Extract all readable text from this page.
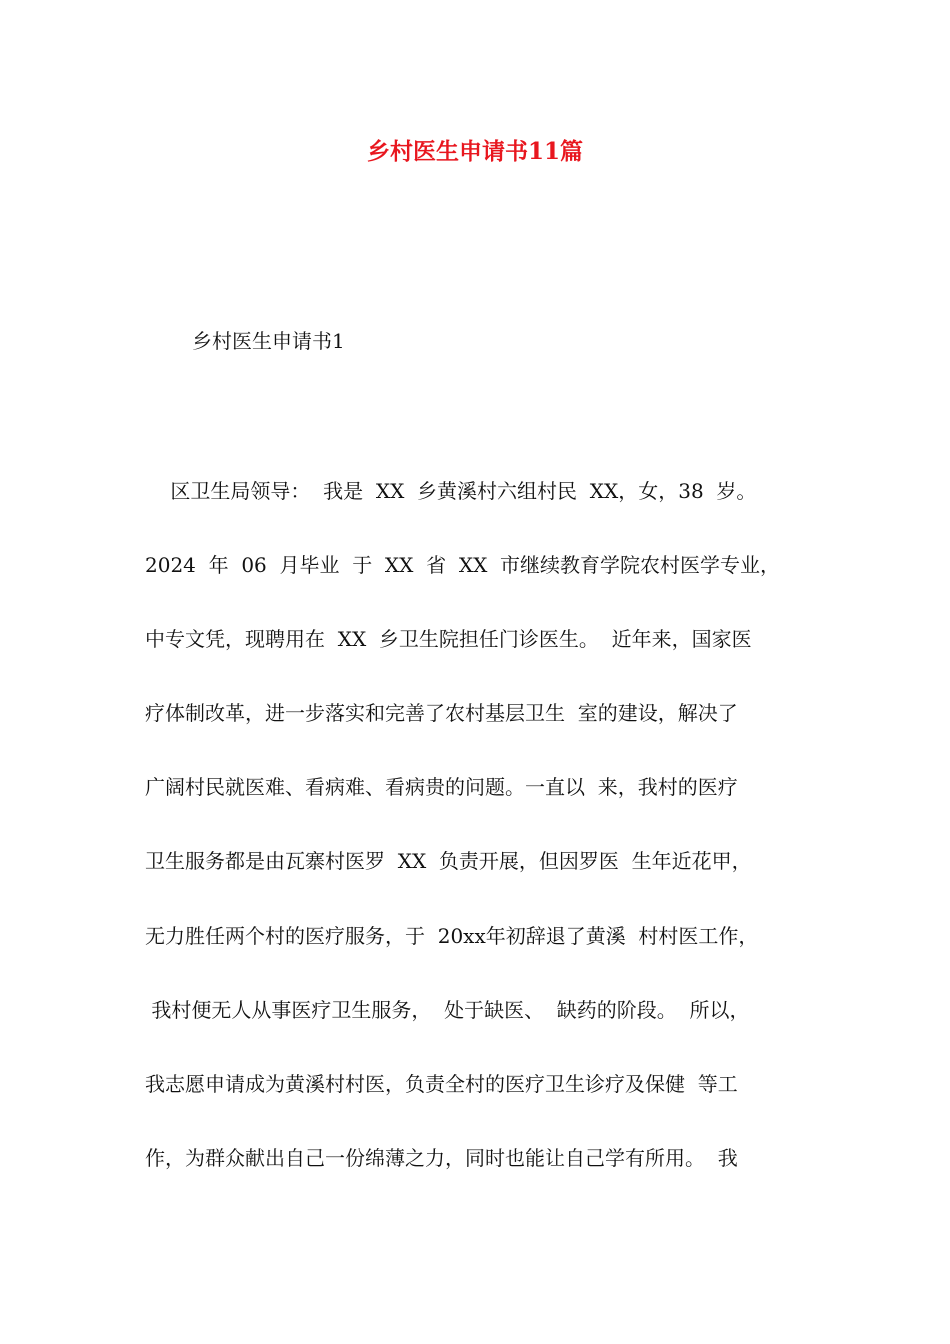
乡村医生申请书11篇

乡村医生申请书1

区卫生局领导：  我是  XX  乡黄溪村六组村民  XX，女，38  岁。

2024  年  06  月毕业  于  XX  省  XX  市继续教育学院农村医学专业，

中专文凭，现聘用在  XX  乡卫生院担任门诊医生。  近年来，国家医

疗体制改革，进一步落实和完善了农村基层卫生  室的建设，解决了

广阔村民就医难、看病难、看病贵的问题。一直以  来，我村的医疗

卫生服务都是由瓦寨村医罗  XX  负责开展，但因罗医  生年近花甲，

无力胜任两个村的医疗服务，于  20xx年初辞退了黄溪  村村医工作，

我村便无人从事医疗卫生服务，  处于缺医、  缺药的阶段。  所以，

我志愿申请成为黄溪村村医，负责全村的医疗卫生诊疗及保健  等工

作，为群众献出自己一份绵薄之力，同时也能让自己学有所用。  我
